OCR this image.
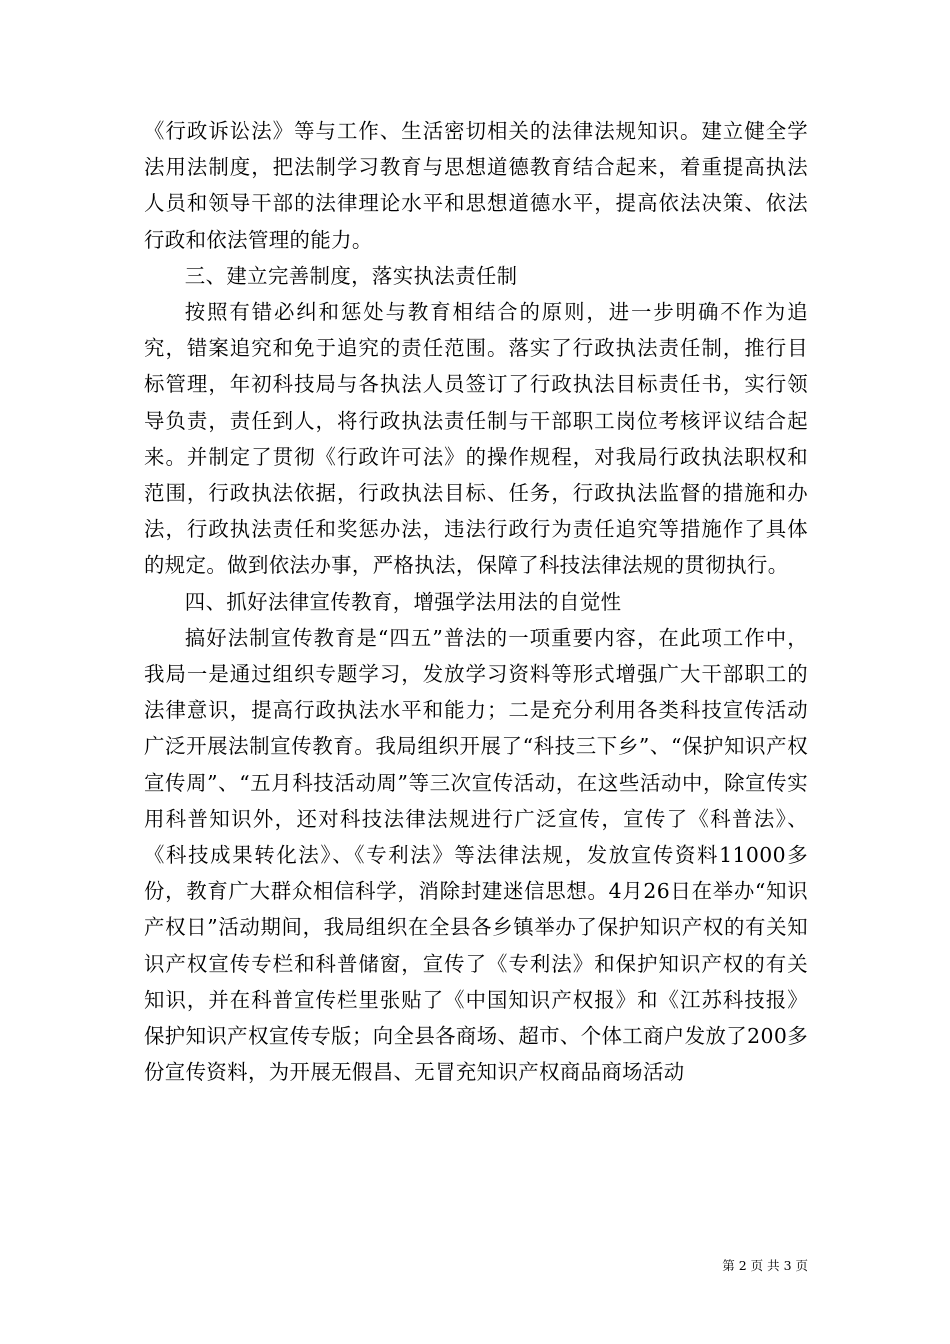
《行政诉讼法》等与工作、生活密切相关的法律法规知识。建立健全学法用法制度，把法制学习教育与思想道德教育结合起来，着重提高执法人员和领导干部的法律理论水平和思想道德水平，提高依法决策、依法行政和依法管理的能力。

三、建立完善制度，落实执法责任制

按照有错必纠和惩处与教育相结合的原则，进一步明确不作为追究，错案追究和免于追究的责任范围。落实了行政执法责任制，推行目标管理，年初科技局与各执法人员签订了行政执法目标责任书，实行领导负责，责任到人，将行政执法责任制与干部职工岗位考核评议结合起来。并制定了贯彻《行政许可法》的操作规程，对我局行政执法职权和范围，行政执法依据，行政执法目标、任务，行政执法监督的措施和办法，行政执法责任和奖惩办法，违法行政行为责任追究等措施作了具体的规定。做到依法办事，严格执法，保障了科技法律法规的贯彻执行。

四、抓好法律宣传教育，增强学法用法的自觉性

搞好法制宣传教育是“四五”普法的一项重要内容，在此项工作中，我局一是通过组织专题学习，发放学习资料等形式增强广大干部职工的法律意识，提高行政执法水平和能力；二是充分利用各类科技宣传活动广泛开展法制宣传教育。我局组织开展了“科技三下乡”、“保护知识产权宣传周”、“五月科技活动周”等三次宣传活动，在这些活动中，除宣传实用科普知识外，还对科技法律法规进行广泛宣传，宣传了《科普法》、《科技成果转化法》、《专利法》等法律法规，发放宣传资料11000多份，教育广大群众相信科学，消除封建迷信思想。4月26日在举办“知识产权日”活动期间，我局组织在全县各乡镇举办了保护知识产权的有关知识产权宣传专栏和科普储窗，宣传了《专利法》和保护知识产权的有关知识，并在科普宣传栏里张贴了《中国知识产权报》和《江苏科技报》保护知识产权宣传专版；向全县各商场、超市、个体工商户发放了200多份宣传资料，为开展无假昌、无冒充知识产权商品商场活动

第 2 页 共 3 页
